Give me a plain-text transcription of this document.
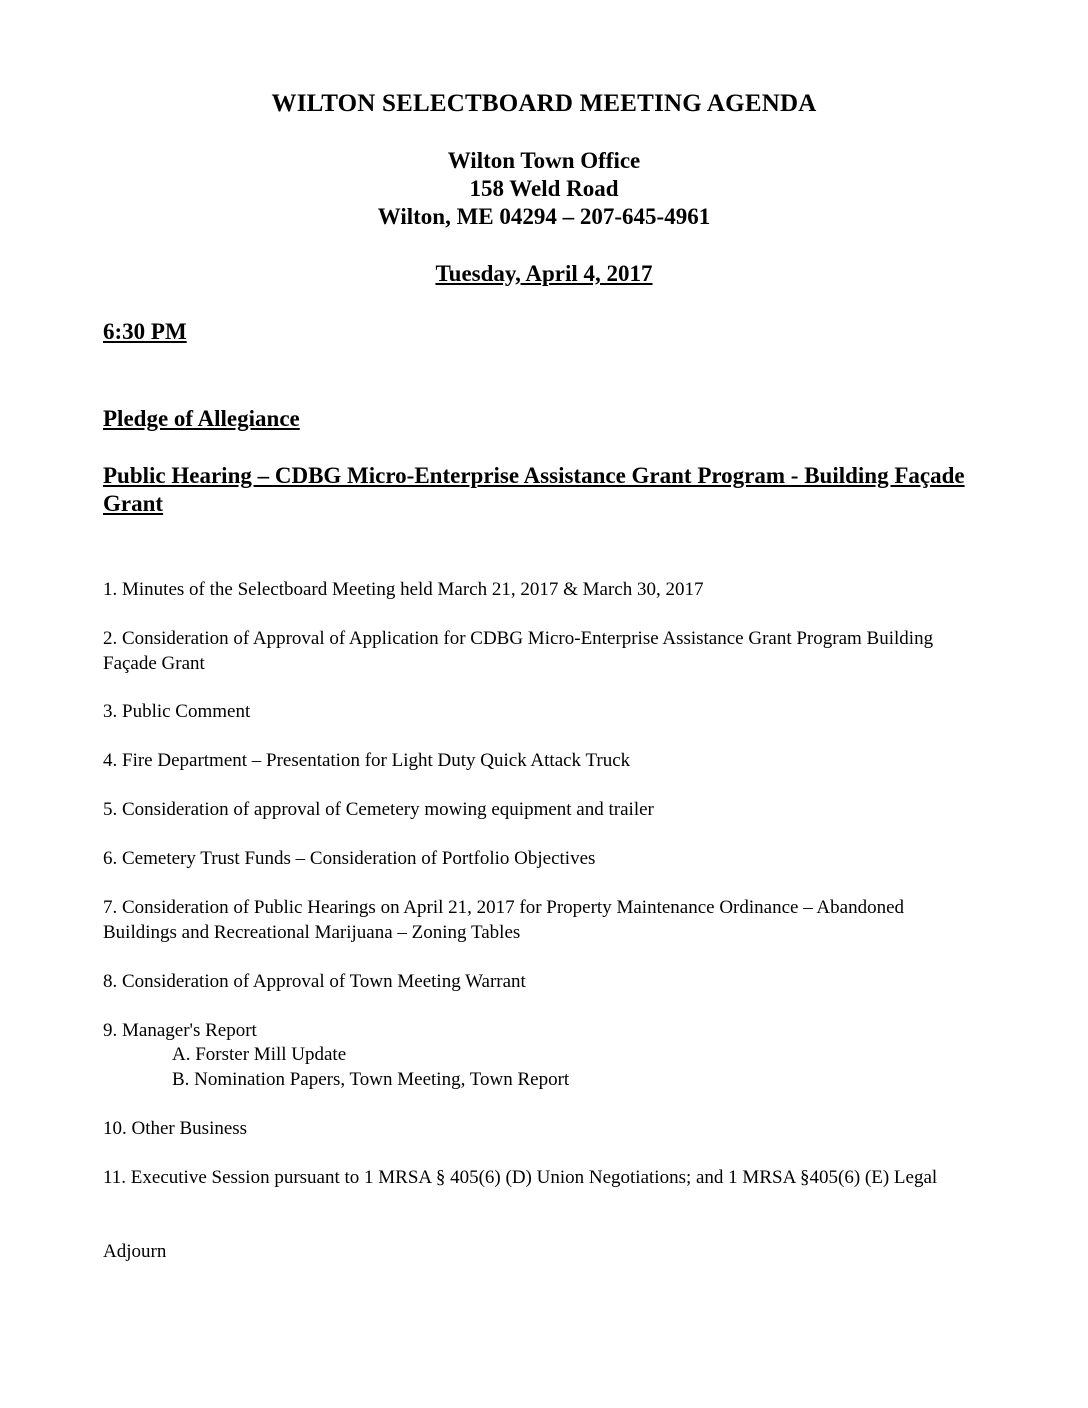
WILTON SELECTBOARD MEETING AGENDA
Wilton Town Office
158 Weld Road
Wilton, ME 04294 – 207-645-4961
Tuesday, April 4, 2017
6:30 PM
Pledge of Allegiance
Public Hearing – CDBG Micro-Enterprise Assistance Grant Program - Building Façade Grant
1. Minutes of the Selectboard Meeting held March 21, 2017 & March 30, 2017
2. Consideration of Approval of Application for CDBG Micro-Enterprise Assistance Grant Program Building Façade Grant
3. Public Comment
4. Fire Department – Presentation for Light Duty Quick Attack Truck
5. Consideration of approval of Cemetery mowing equipment and trailer
6. Cemetery Trust Funds – Consideration of Portfolio Objectives
7. Consideration of Public Hearings on April 21, 2017 for Property Maintenance Ordinance – Abandoned Buildings and Recreational Marijuana – Zoning Tables
8. Consideration of Approval of Town Meeting Warrant
9. Manager's Report
A. Forster Mill Update
B. Nomination Papers, Town Meeting, Town Report
10. Other Business
11. Executive Session pursuant to 1 MRSA § 405(6) (D) Union Negotiations; and 1 MRSA §405(6) (E) Legal
Adjourn
